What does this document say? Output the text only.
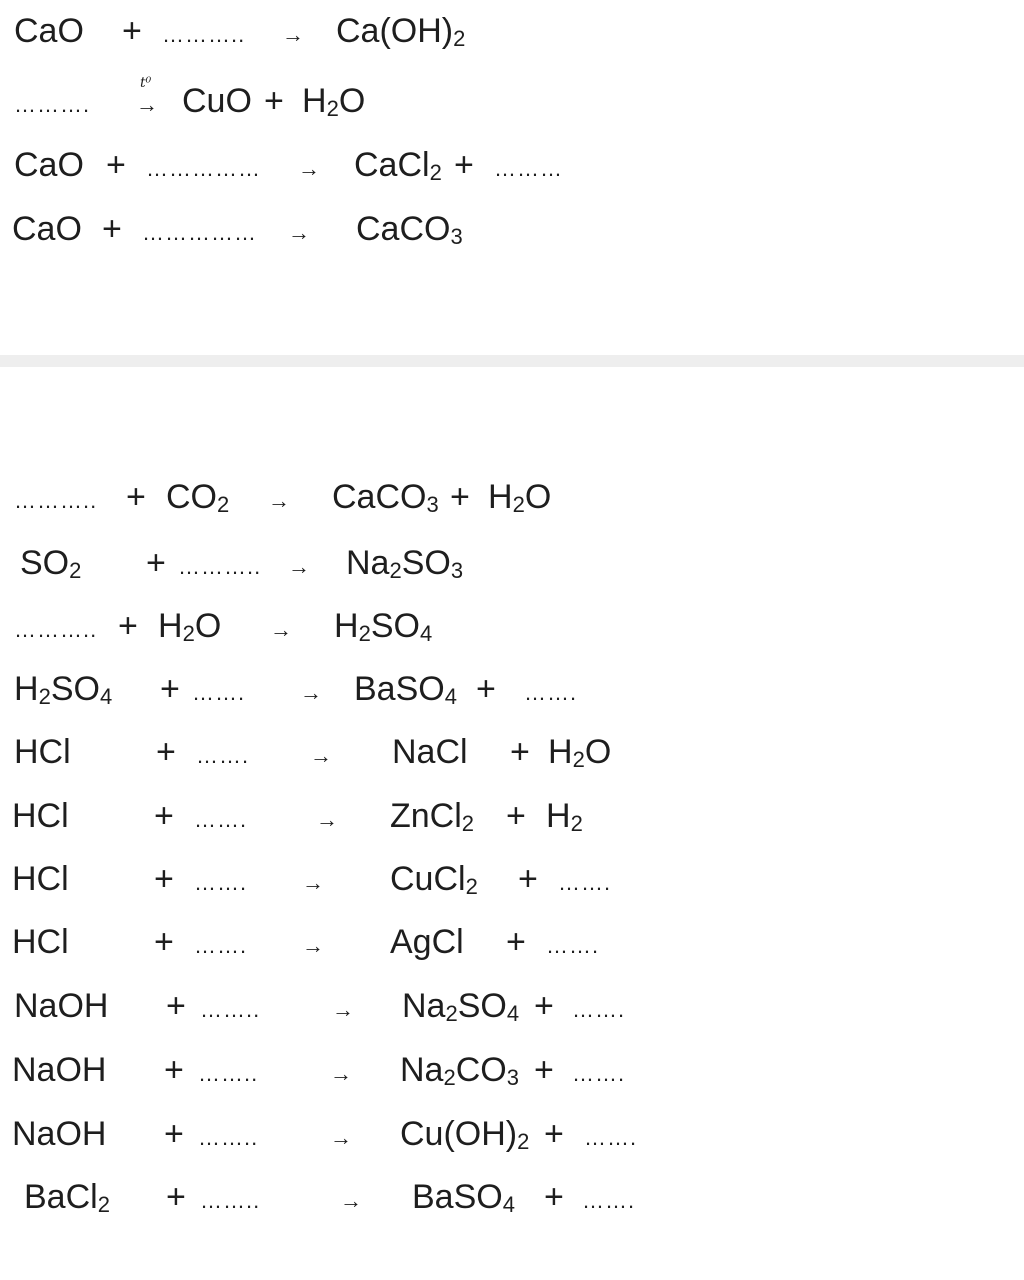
CaO + ……….. → $Ca(OH)_2$
……….
t⁰
→ CuO + $H_2O$
CaO + …………… → CaCl$_2$ + ………
CaO + …………… → CaCO$_3$
……….. + $CO_2$ → CaCO$_3$ + $H_2O$
$SO_2$ + ……….. → $Na_2SO_3$
……….. + $H_2O \to H_2SO_4$
$H_2SO_4$ + ……. → BaSO$_4$ + …….
HCl	+ …….	→ NaCl + $H_2O$
HCl	+ …….	→ ZnCl$_2$ + $H_2$
HCl	+ ……. → CuCl$_2$ + …….
HCl	+ ……. → AgCl + …….
NaOH + ……..	→ $Na_2SO_4$ + …….
NaOH + ……..	→ $Na_2CO_3$ + …….
NaOH + ……..	→ $Cu(OH)_2$ + …….
BaCl$_2$ + ……..	→ BaSO$_4$ + …….
